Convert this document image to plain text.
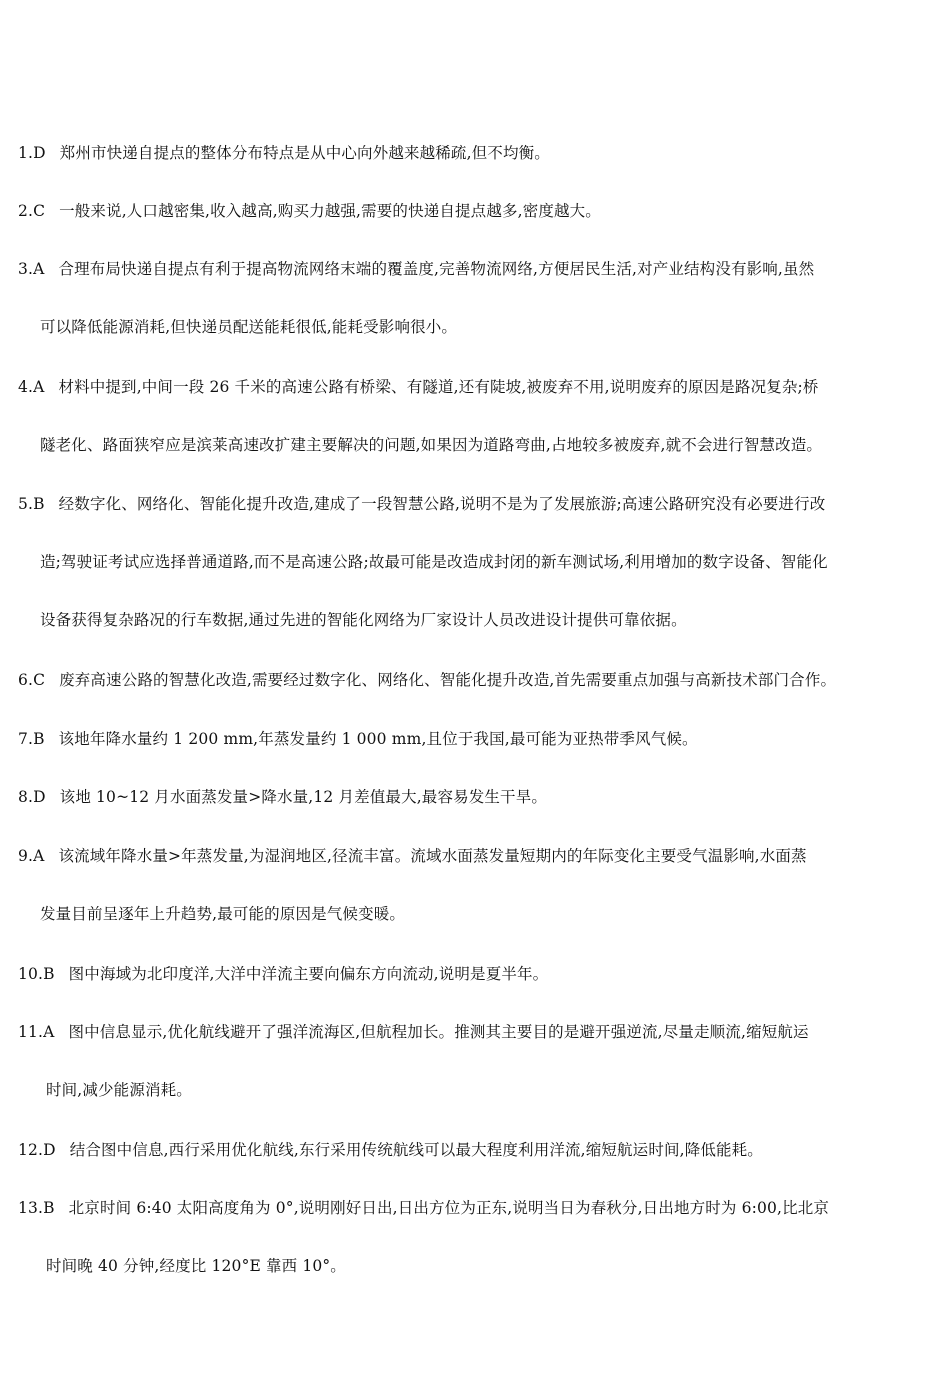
1.D 郑州市快递自提点的整体分布特点是从中心向外越来越稀疏,但不均衡。
2.C 一般来说,人口越密集,收入越高,购买力越强,需要的快递自提点越多,密度越大。
3.A 合理布局快递自提点有利于提高物流网络末端的覆盖度,完善物流网络,方便居民生活,对产业结构没有影响,虽然
可以降低能源消耗,但快递员配送能耗很低,能耗受影响很小。
4.A 材料中提到,中间一段 26 千米的高速公路有桥梁、有隧道,还有陡坡,被废弃不用,说明废弃的原因是路况复杂;桥
隧老化、路面狭窄应是滨莱高速改扩建主要解决的问题,如果因为道路弯曲,占地较多被废弃,就不会进行智慧改造。
5.B 经数字化、网络化、智能化提升改造,建成了一段智慧公路,说明不是为了发展旅游;高速公路研究没有必要进行改
造;驾驶证考试应选择普通道路,而不是高速公路;故最可能是改造成封闭的新车测试场,利用增加的数字设备、智能化
设备获得复杂路况的行车数据,通过先进的智能化网络为厂家设计人员改进设计提供可靠依据。
6.C 废弃高速公路的智慧化改造,需要经过数字化、网络化、智能化提升改造,首先需要重点加强与高新技术部门合作。
7.B 该地年降水量约 1 200 mm,年蒸发量约 1 000 mm,且位于我国,最可能为亚热带季风气候。
8.D 该地 10~12 月水面蒸发量>降水量,12 月差值最大,最容易发生干旱。
9.A 该流域年降水量>年蒸发量,为湿润地区,径流丰富。流域水面蒸发量短期内的年际变化主要受气温影响,水面蒸
发量目前呈逐年上升趋势,最可能的原因是气候变暖。
10.B 图中海域为北印度洋,大洋中洋流主要向偏东方向流动,说明是夏半年。
11.A 图中信息显示,优化航线避开了强洋流海区,但航程加长。推测其主要目的是避开强逆流,尽量走顺流,缩短航运
时间,减少能源消耗。
12.D 结合图中信息,西行采用优化航线,东行采用传统航线可以最大程度利用洋流,缩短航运时间,降低能耗。
13.B 北京时间 6:40 太阳高度角为 0°,说明刚好日出,日出方位为正东,说明当日为春秋分,日出地方时为 6:00,比北京
时间晚 40 分钟,经度比 120°E 靠西 10°。
